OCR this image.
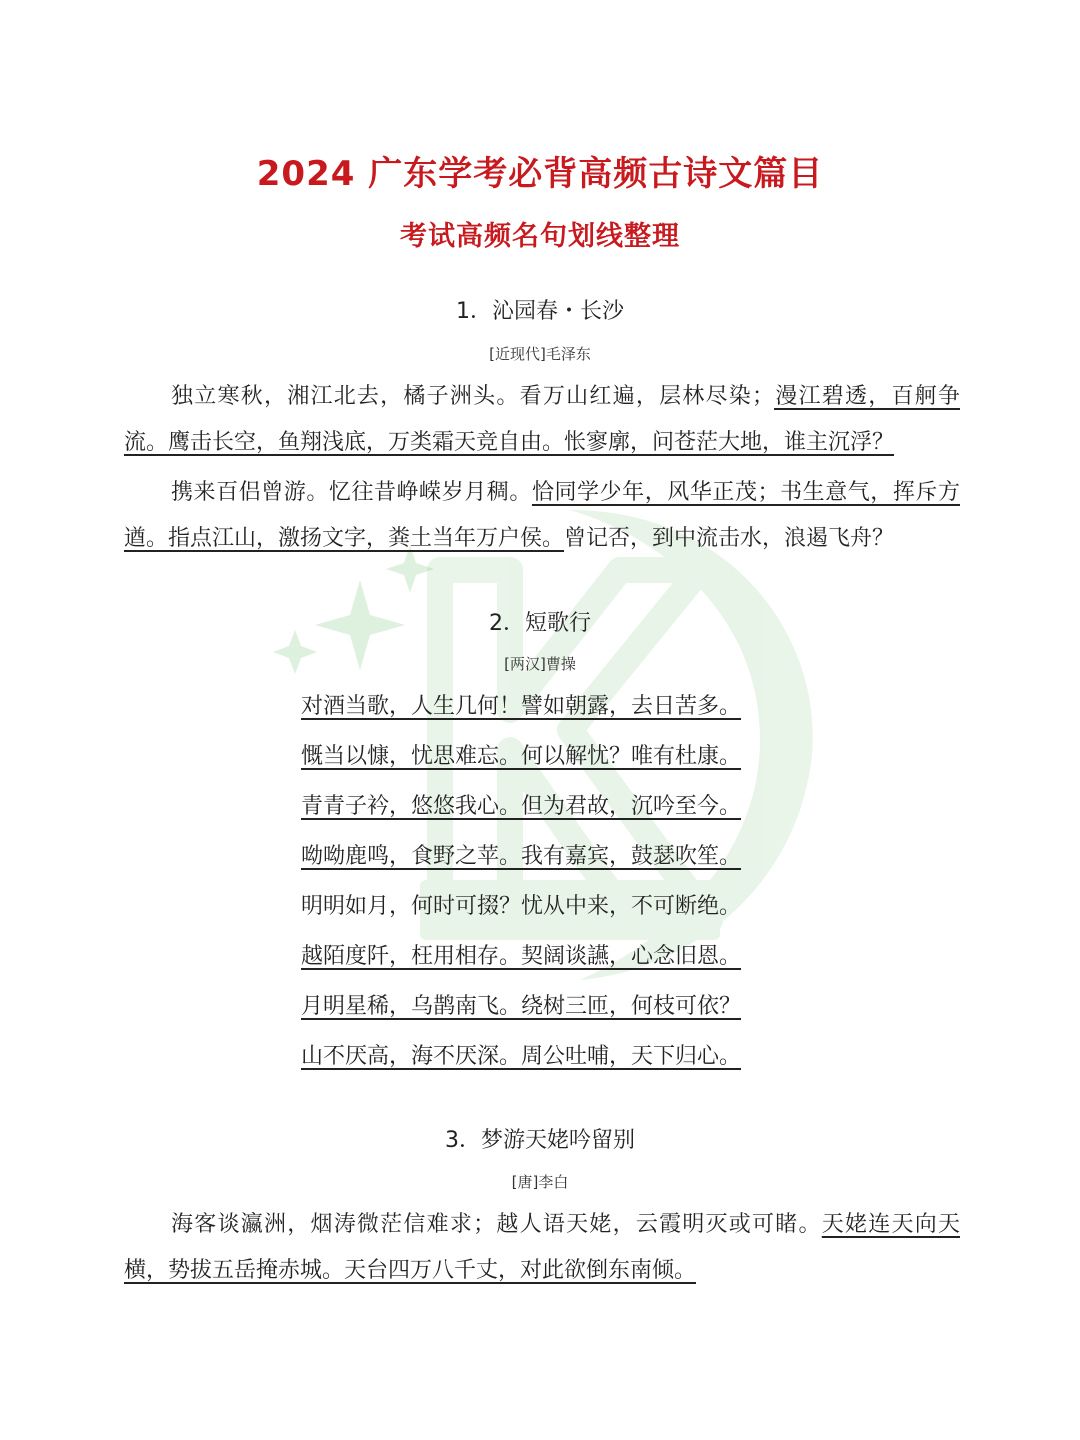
2024 广东学考必背高频古诗文篇目
考试高频名句划线整理
1．沁园春・长沙
[近现代]毛泽东
独立寒秋，湘江北去，橘子洲头。看万山红遍，层林尽染；漫江碧透，百舸争流。鹰击长空，鱼翔浅底，万类霜天竞自由。怅寥廓，问苍茫大地，谁主沉浮？
携来百侣曾游。忆往昔峥嵘岁月稠。恰同学少年，风华正茂；书生意气，挥斥方遒。指点江山，激扬文字，粪土当年万户侯。曾记否，到中流击水，浪遏飞舟？
2．短歌行
[两汉]曹操
对酒当歌，人生几何！譬如朝露，去日苦多。
慨当以慷，忧思难忘。何以解忧？唯有杜康。
青青子衿，悠悠我心。但为君故，沉吟至今。
呦呦鹿鸣，食野之苹。我有嘉宾，鼓瑟吹笙。
明明如月，何时可掇？忧从中来，不可断绝。
越陌度阡，枉用相存。契阔谈讌，心念旧恩。
月明星稀，乌鹊南飞。绕树三匝，何枝可依？
山不厌高，海不厌深。周公吐哺，天下归心。
3．梦游天姥吟留别
[唐]李白
海客谈瀛洲，烟涛微茫信难求；越人语天姥，云霞明灭或可睹。天姥连天向天横，势拔五岳掩赤城。天台四万八千丈，对此欲倒东南倾。
